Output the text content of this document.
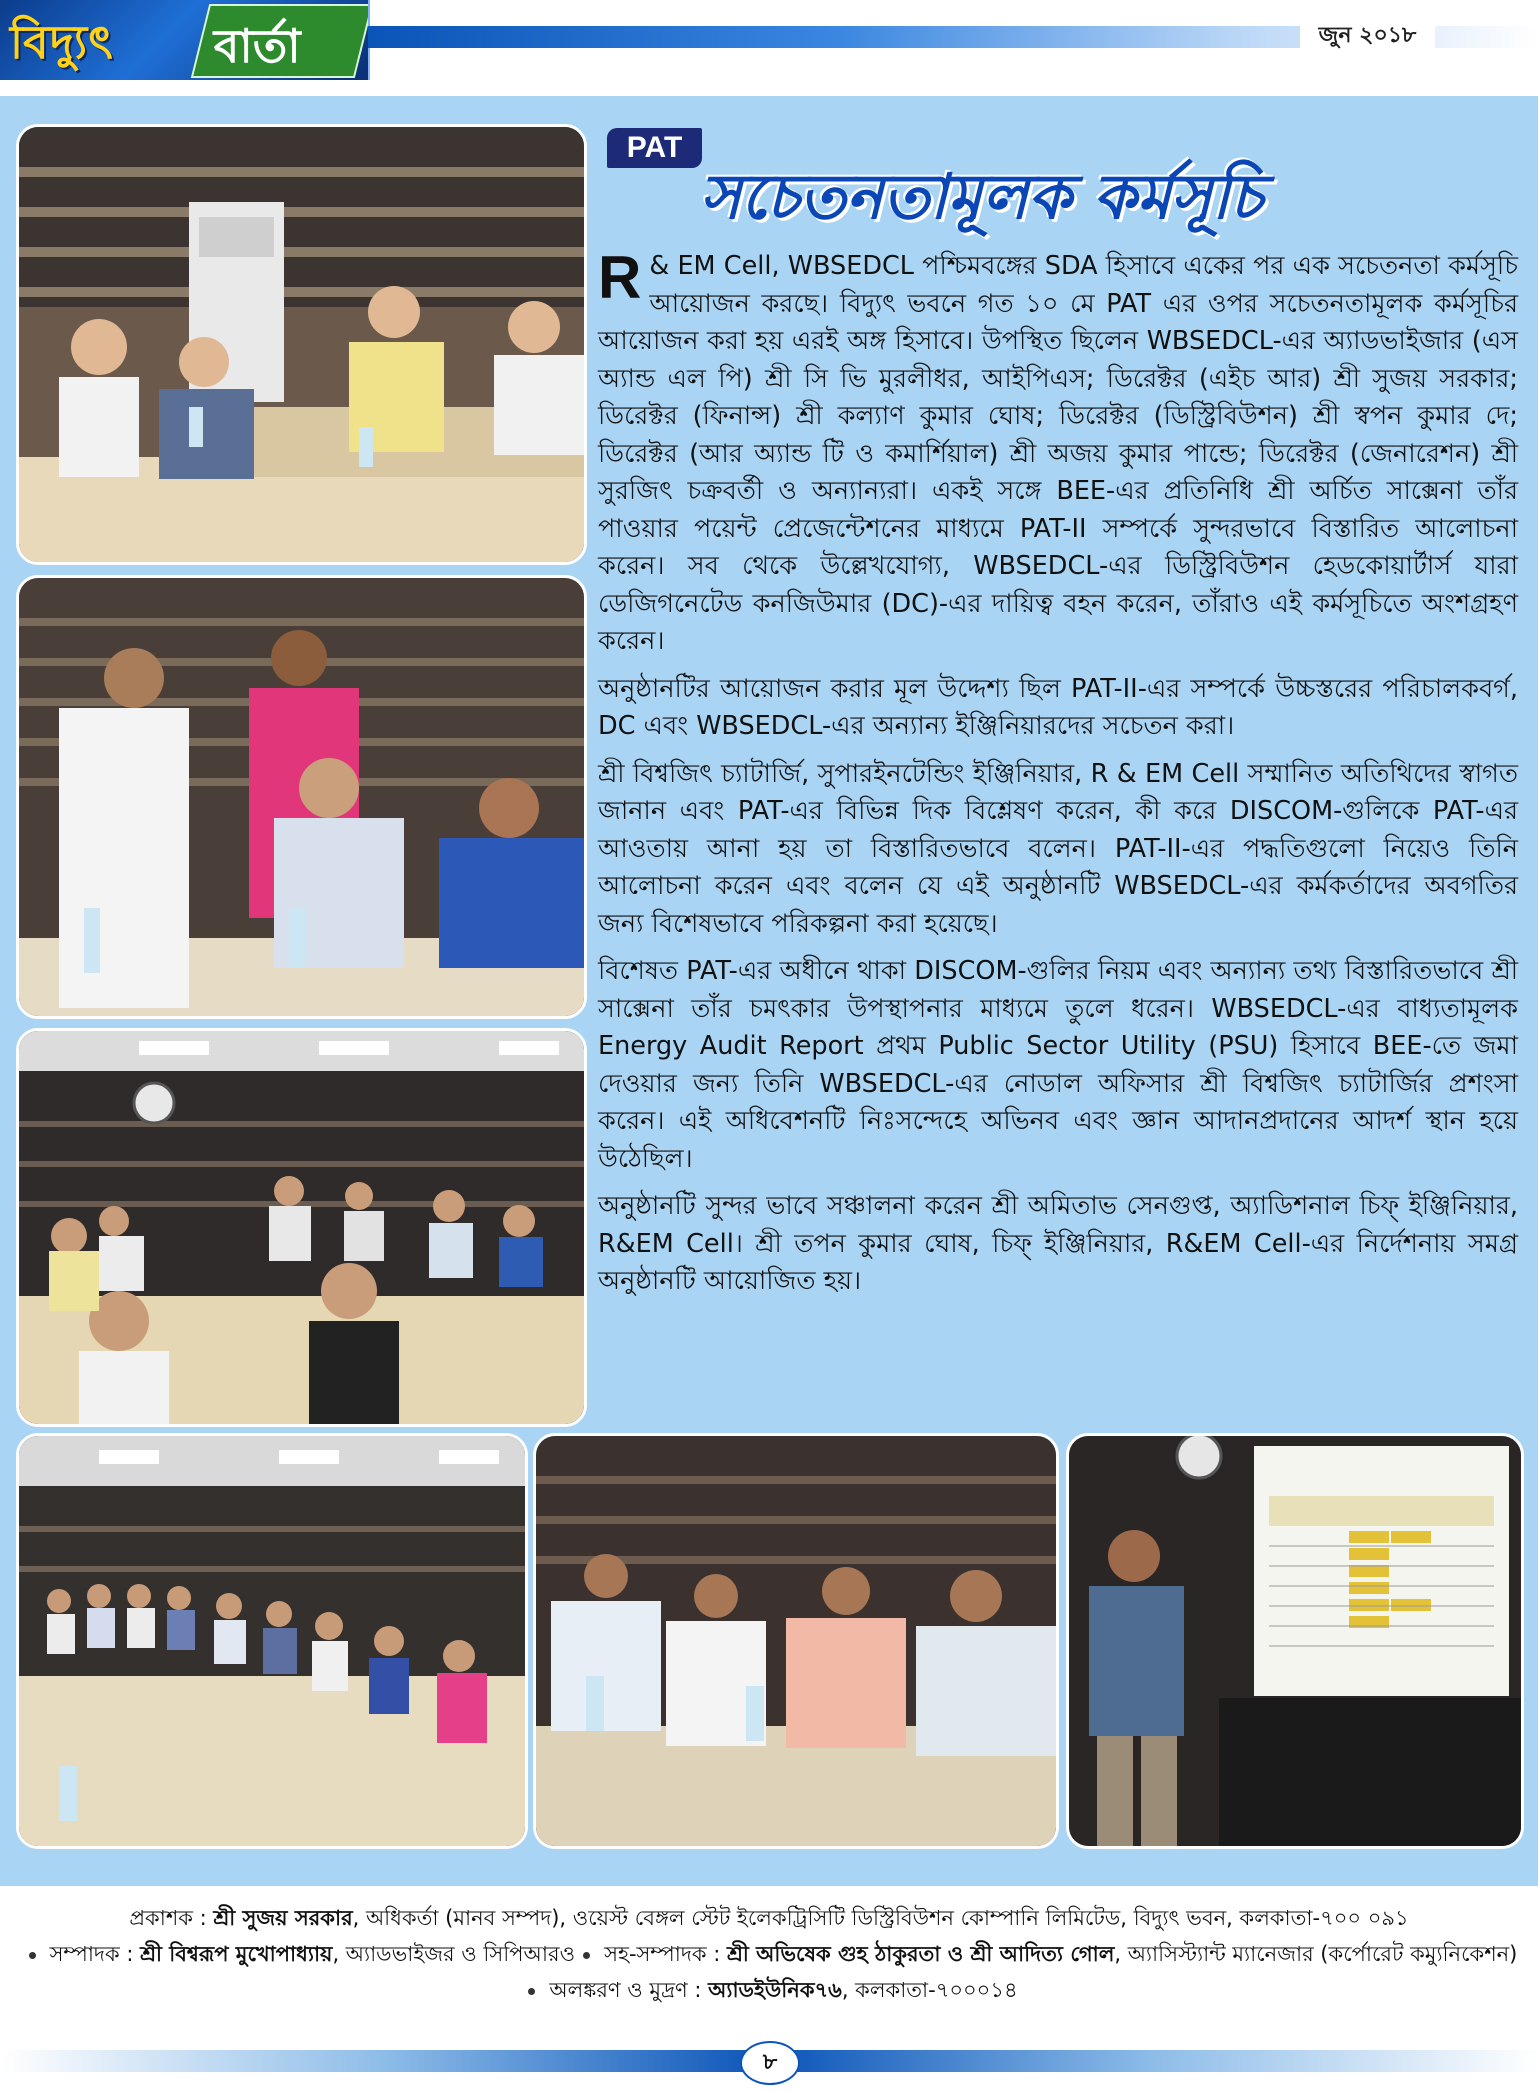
বিদ্যুৎ বার্তা	জুন ২০১৮
PAT
সচেতনতামূলক কর্মসূচি

R & EM Cell, WBSEDCL পশ্চিমবঙ্গের SDA হিসাবে একের পর এক সচেতনতা কর্মসূচি আয়োজন করছে। বিদ্যুৎ ভবনে গত ১০ মে PAT এর ওপর সচেতনতামূলক কর্মসূচির আয়োজন করা হয় এরই অঙ্গ হিসাবে। উপস্থিত ছিলেন WBSEDCL-এর অ্যাডভাইজার (এস অ্যান্ড এল পি) শ্রী সি ভি মুরলীধর, আইপিএস; ডিরেক্টর (এইচ আর) শ্রী সুজয় সরকার; ডিরেক্টর (ফিনান্স) শ্রী কল্যাণ কুমার ঘোষ; ডিরেক্টর (ডিস্ট্রিবিউশন) শ্রী স্বপন কুমার দে; ডিরেক্টর (আর অ্যান্ড টি ও কমার্শিয়াল) শ্রী অজয় কুমার পান্ডে; ডিরেক্টর (জেনারেশন) শ্রী সুরজিৎ চক্রবর্তী ও অন্যান্যরা। একই সঙ্গে BEE-এর প্রতিনিধি শ্রী অর্চিত সাক্সেনা তাঁর পাওয়ার পয়েন্ট প্রেজেন্টেশনের মাধ্যমে PAT-II সম্পর্কে সুন্দরভাবে বিস্তারিত আলোচনা করেন। সব থেকে উল্লেখযোগ্য, WBSEDCL-এর ডিস্ট্রিবিউশন হেডকোয়ার্টার্স যারা ডেজিগনেটেড কনজিউমার (DC)-এর দায়িত্ব বহন করেন, তাঁরাও এই কর্মসূচিতে অংশগ্রহণ করেন।

অনুষ্ঠানটির আয়োজন করার মূল উদ্দেশ্য ছিল PAT-II-এর সম্পর্কে উচ্চস্তরের পরিচালকবর্গ, DC এবং WBSEDCL-এর অন্যান্য ইঞ্জিনিয়ারদের সচেতন করা।

শ্রী বিশ্বজিৎ চ্যাটার্জি, সুপারইনটেন্ডিং ইঞ্জিনিয়ার, R & EM Cell সম্মানিত অতিথিদের স্বাগত জানান এবং PAT-এর বিভিন্ন দিক বিশ্লেষণ করেন, কী করে DISCOM-গুলিকে PAT-এর আওতায় আনা হয় তা বিস্তারিতভাবে বলেন। PAT-II-এর পদ্ধতিগুলো নিয়েও তিনি আলোচনা করেন এবং বলেন যে এই অনুষ্ঠানটি WBSEDCL-এর কর্মকর্তাদের অবগতির জন্য বিশেষভাবে পরিকল্পনা করা হয়েছে।

বিশেষত PAT-এর অধীনে থাকা DISCOM-গুলির নিয়ম এবং অন্যান্য তথ্য বিস্তারিতভাবে শ্রী সাক্সেনা তাঁর চমৎকার উপস্থাপনার মাধ্যমে তুলে ধরেন। WBSEDCL-এর বাধ্যতামূলক Energy Audit Report প্রথম Public Sector Utility (PSU) হিসাবে BEE-তে জমা দেওয়ার জন্য তিনি WBSEDCL-এর নোডাল অফিসার শ্রী বিশ্বজিৎ চ্যাটার্জির প্রশংসা করেন। এই অধিবেশনটি নিঃসন্দেহে অভিনব এবং জ্ঞান আদানপ্রদানের আদর্শ স্থান হয়ে উঠেছিল।

অনুষ্ঠানটি সুন্দর ভাবে সঞ্চালনা করেন শ্রী অমিতাভ সেনগুপ্ত, অ্যাডিশনাল চিফ্ ইঞ্জিনিয়ার, R&EM Cell। শ্রী তপন কুমার ঘোষ, চিফ্ ইঞ্জিনিয়ার, R&EM Cell-এর নির্দেশনায় সমগ্র অনুষ্ঠানটি আয়োজিত হয়।

প্রকাশক : শ্রী সুজয় সরকার, অধিকর্তা (মানব সম্পদ), ওয়েস্ট বেঙ্গল স্টেট ইলেকট্রিসিটি ডিস্ট্রিবিউশন কোম্পানি লিমিটেড, বিদ্যুৎ ভবন, কলকাতা-৭০০ ০৯১
সম্পাদক : শ্রী বিশ্বরূপ মুখোপাধ্যায়, অ্যাডভাইজর ও সিপিআরও সহ-সম্পাদক : শ্রী অভিষেক গুহ ঠাকুরতা ও শ্রী আদিত্য গোল, অ্যাসিস্ট্যান্ট ম্যানেজার (কর্পোরেট কম্যুনিকেশন)
অলঙ্করণ ও মুদ্রণ : অ্যাডইউনিক৭৬, কলকাতা-৭০০০১৪
৮
